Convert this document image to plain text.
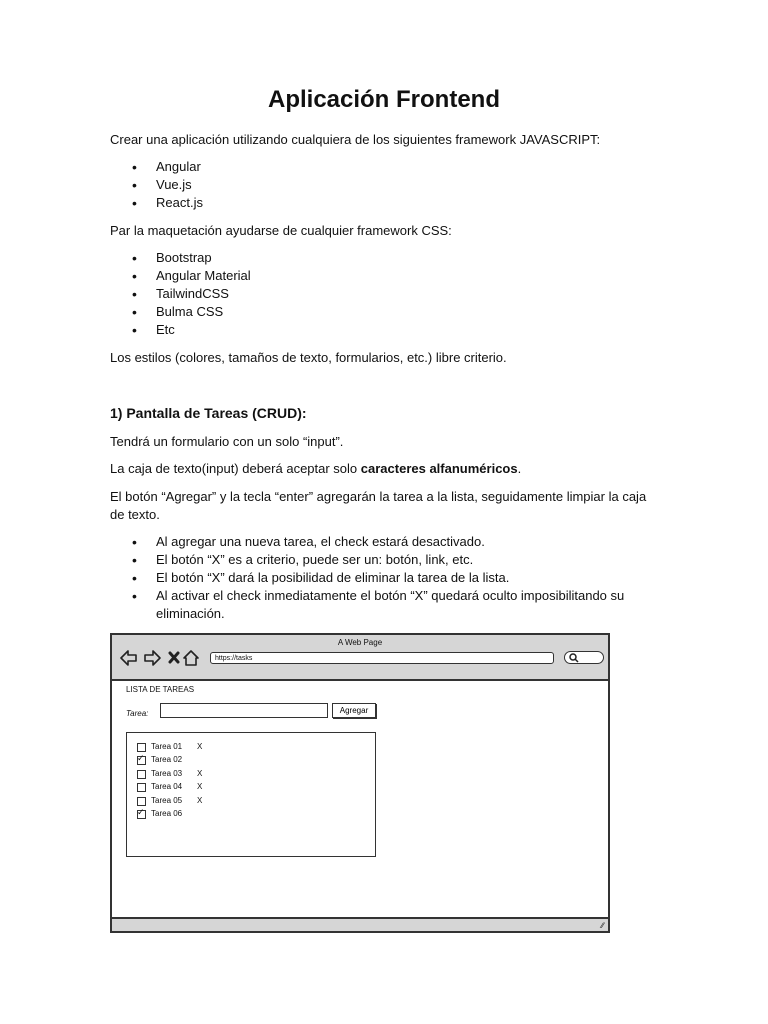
Aplicación Frontend
Crear una aplicación utilizando cualquiera de los siguientes framework JAVASCRIPT:
• Angular
• Vue.js
• React.js
Par la maquetación ayudarse de cualquier framework CSS:
• Bootstrap
• Angular Material
• TailwindCSS
• Bulma CSS
• Etc
Los estilos (colores, tamaños de texto, formularios, etc.) libre criterio.
1) Pantalla de Tareas (CRUD):
Tendrá un formulario con un solo “input”.
La caja de texto(input) deberá aceptar solo caracteres alfanuméricos.
El botón “Agregar” y la tecla “enter” agregarán la tarea a la lista, seguidamente limpiar la caja de texto.
• Al agregar una nueva tarea, el check estará desactivado.
• El botón “X” es a criterio, puede ser un: botón, link, etc.
• El botón “X” dará la posibilidad de eliminar la tarea de la lista.
• Al activar el check inmediatamente el botón “X” quedará oculto imposibilitando su eliminación.
A Web Page
https://tasks
LISTA DE TAREAS
Tarea:	Agregar
Tarea 01 X
✓Tarea 02
Tarea 03 X
Tarea 04 X
Tarea 05 X
✓Tarea 06
∕∕
